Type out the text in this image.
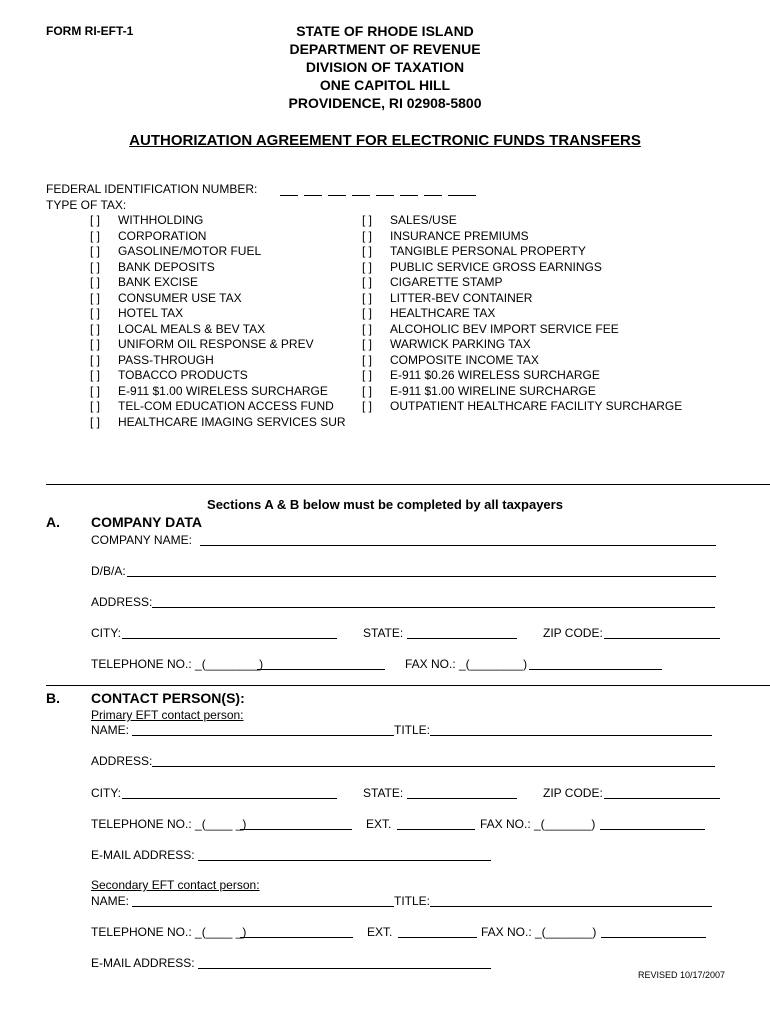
FORM RI-EFT-1	STATE OF RHODE ISLAND
DEPARTMENT OF REVENUE
DIVISION OF TAXATION
ONE CAPITOL HILL
PROVIDENCE, RI 02908-5800
AUTHORIZATION AGREEMENT FOR ELECTRONIC FUNDS TRANSFERS
FEDERAL IDENTIFICATION NUMBER:
TYPE OF TAX:
[ ] WITHHOLDING
[ ] CORPORATION
[ ] GASOLINE/MOTOR FUEL
[ ] BANK DEPOSITS
[ ] BANK EXCISE
[ ] CONSUMER USE TAX
[ ] HOTEL TAX
[ ] LOCAL MEALS & BEV TAX
[ ] UNIFORM OIL RESPONSE & PREV
[ ] PASS-THROUGH
[ ] TOBACCO PRODUCTS
[ ] E-911 $1.00 WIRELESS SURCHARGE
[ ] TEL-COM EDUCATION ACCESS FUND
[ ] HEALTHCARE IMAGING SERVICES SUR
[ ] SALES/USE
[ ] INSURANCE PREMIUMS
[ ] TANGIBLE PERSONAL PROPERTY
[ ] PUBLIC SERVICE GROSS EARNINGS
[ ] CIGARETTE STAMP
[ ] LITTER-BEV CONTAINER
[ ] HEALTHCARE TAX
[ ] ALCOHOLIC BEV IMPORT SERVICE FEE
[ ] WARWICK PARKING TAX
[ ] COMPOSITE INCOME TAX
[ ] E-911 $0.26 WIRELESS SURCHARGE
[ ] E-911 $1.00 WIRELINE SURCHARGE
[ ] OUTPATIENT HEALTHCARE FACILITY SURCHARGE
Sections A & B below must be completed by all taxpayers
A. COMPANY DATA
COMPANY NAME:
D/B/A:
ADDRESS:
CITY:	STATE:	ZIP CODE:
TELEPHONE NO.: _(________)	FAX NO.: _(________)
B. CONTACT PERSON(S):
Primary EFT contact person:
NAME:	TITLE:
ADDRESS:
CITY:	STATE:	ZIP CODE:
TELEPHONE NO.: _(____ _)	EXT.	FAX NO.: _(_______)
E-MAIL ADDRESS:
Secondary EFT contact person:
NAME:	TITLE:
TELEPHONE NO.: _(____ _)	EXT.	FAX NO.: _(_______)
E-MAIL ADDRESS:
REVISED 10/17/2007
